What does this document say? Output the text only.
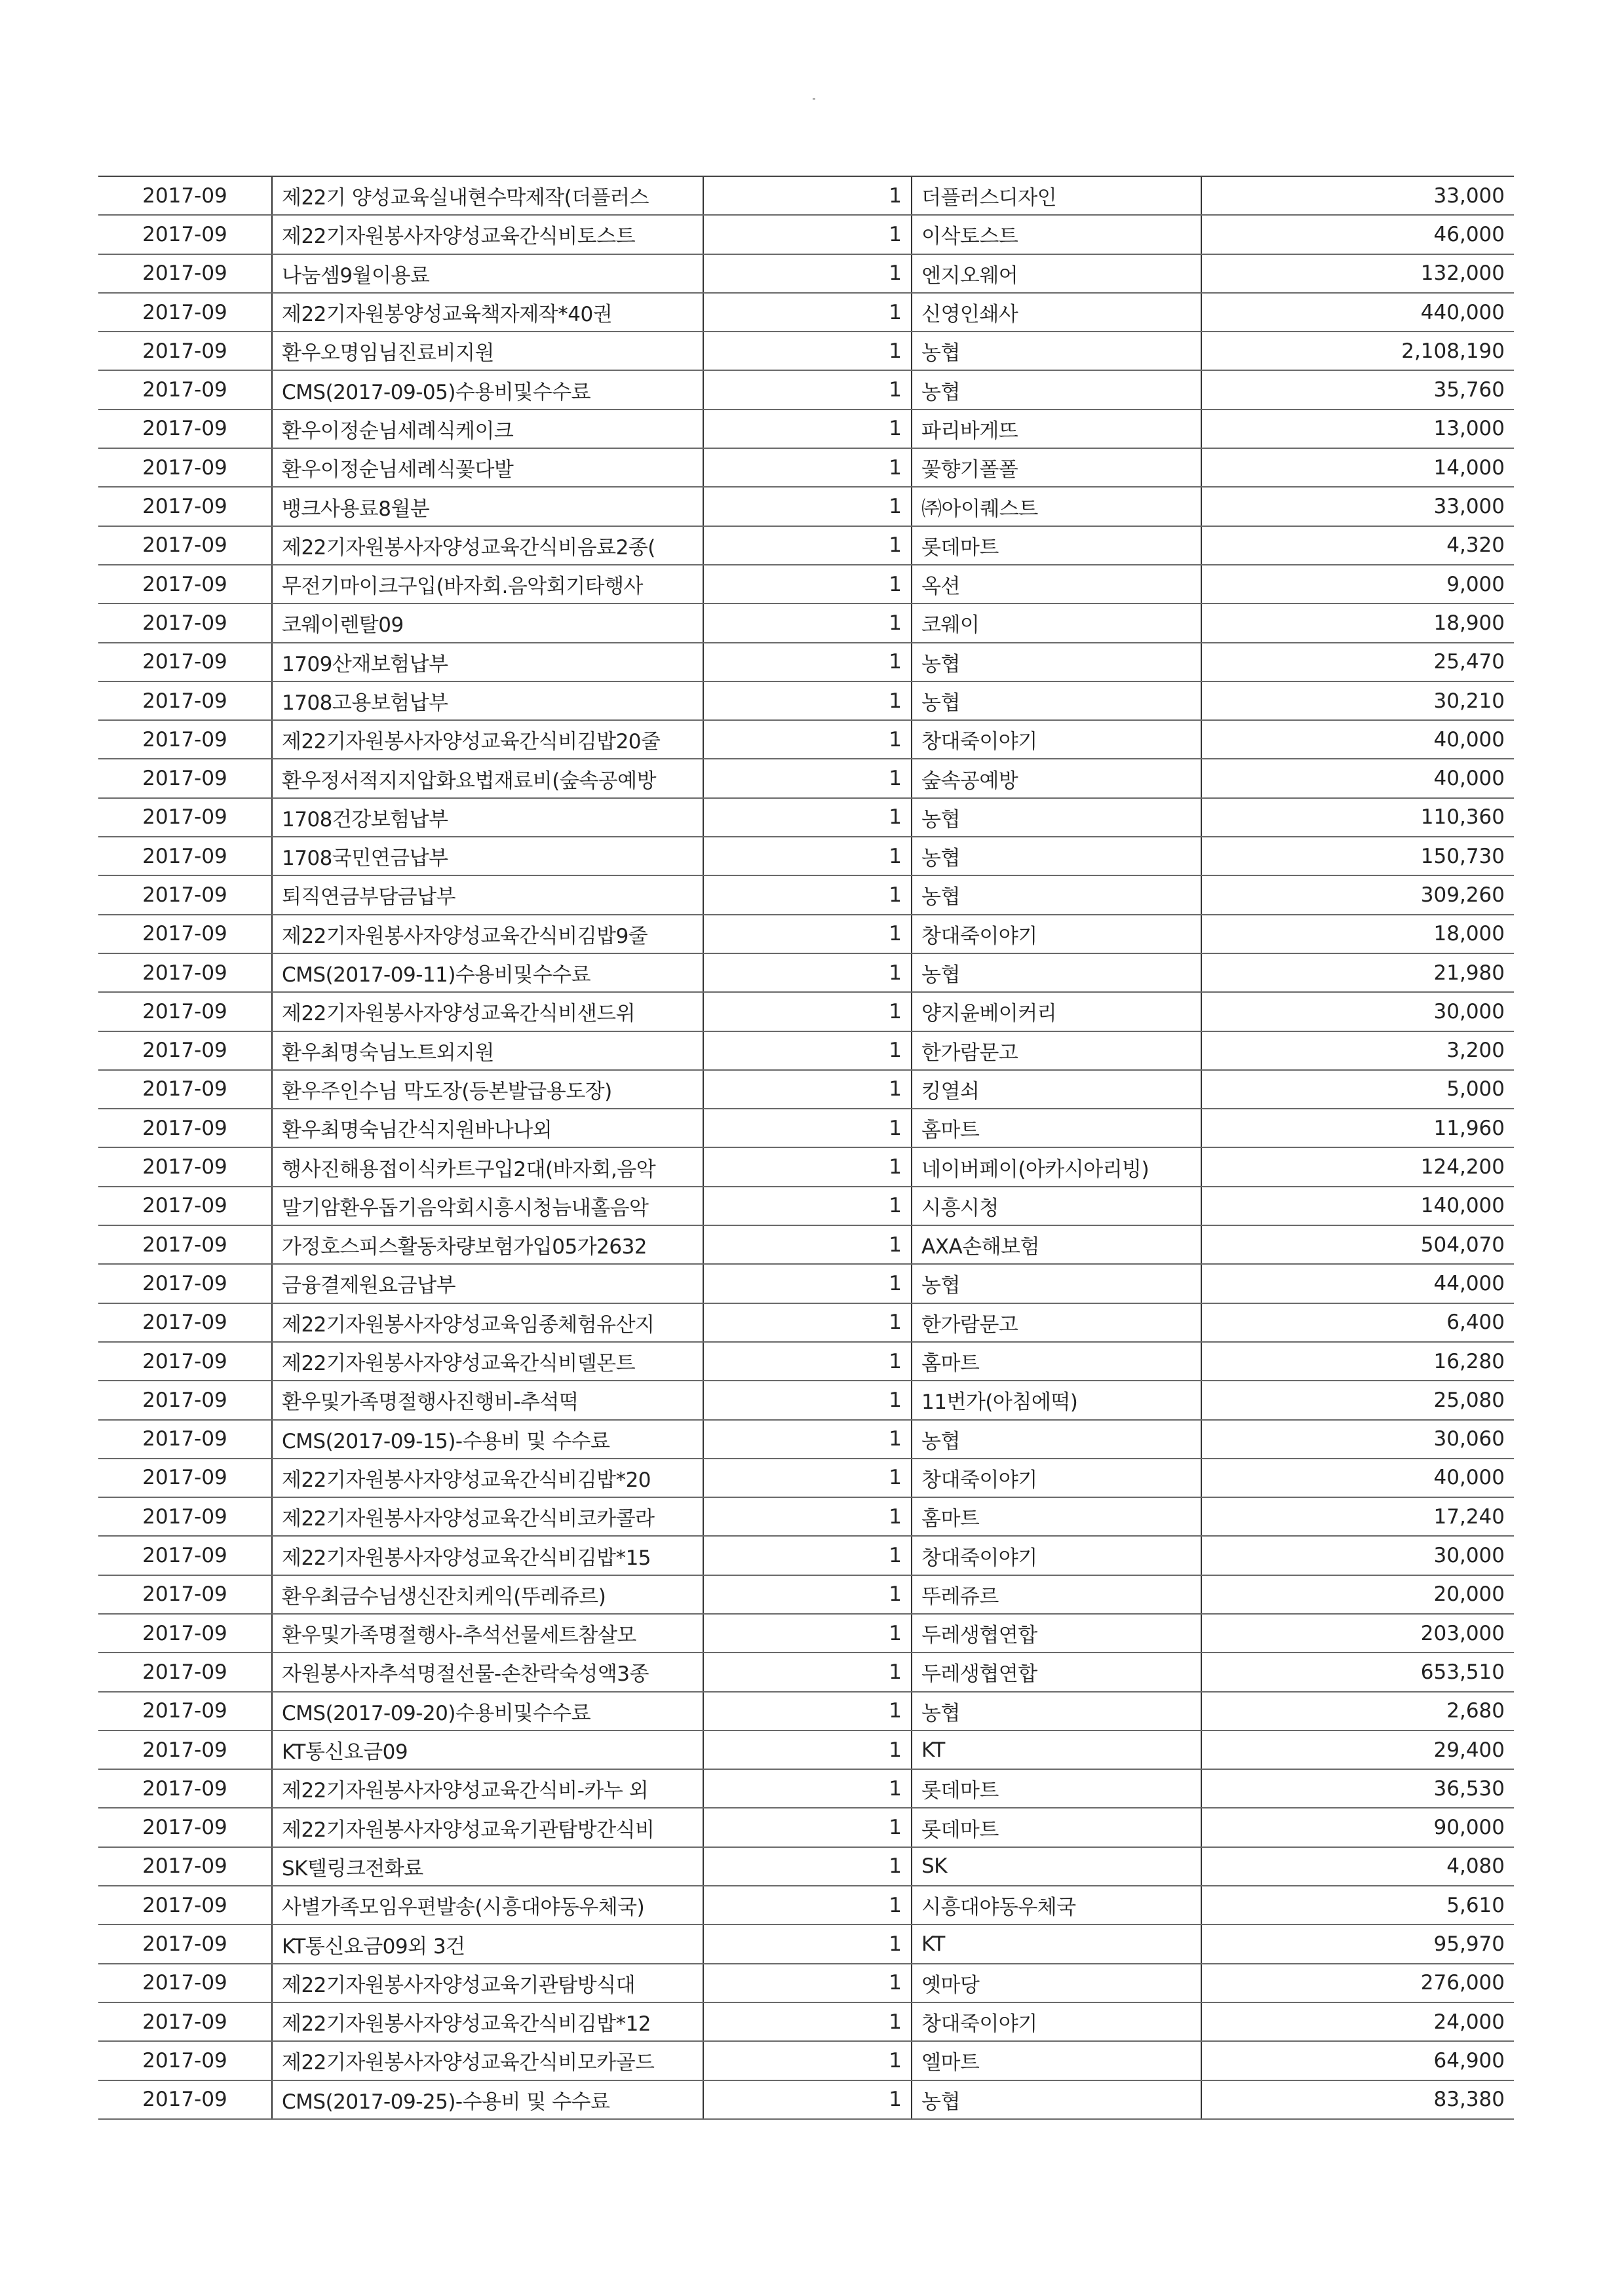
2017-09	제22기 양성교육실내현수막제작(더플러스	1	더플러스디자인	33,000
2017-09	제22기자원봉사자양성교육간식비토스트	1	이삭토스트	46,000
2017-09	나눔셈9월이용료	1	엔지오웨어	132,000
2017-09	제22기자원봉양성교육책자제작*40권	1	신영인쇄사	440,000
2017-09	환우오명임님진료비지원	1	농협	2,108,190
2017-09	CMS(2017-09-05)수용비및수수료	1	농협	35,760
2017-09	환우이정순님세례식케이크	1	파리바게뜨	13,000
2017-09	환우이정순님세례식꽃다발	1	꽃향기폴폴	14,000
2017-09	뱅크사용료8월분	1	㈜아이퀘스트	33,000
2017-09	제22기자원봉사자양성교육간식비음료2종(	1	롯데마트	4,320
2017-09	무전기마이크구입(바자회.음악회기타행사	1	옥션	9,000
2017-09	코웨이렌탈09	1	코웨이	18,900
2017-09	1709산재보험납부	1	농협	25,470
2017-09	1708고용보험납부	1	농협	30,210
2017-09	제22기자원봉사자양성교육간식비김밥20줄	1	창대죽이야기	40,000
2017-09	환우정서적지지압화요법재료비(숲속공예방	1	숲속공예방	40,000
2017-09	1708건강보험납부	1	농협	110,360
2017-09	1708국민연금납부	1	농협	150,730
2017-09	퇴직연금부담금납부	1	농협	309,260
2017-09	제22기자원봉사자양성교육간식비김밥9줄	1	창대죽이야기	18,000
2017-09	CMS(2017-09-11)수용비및수수료	1	농협	21,980
2017-09	제22기자원봉사자양성교육간식비샌드위	1	양지윤베이커리	30,000
2017-09	환우최명숙님노트외지원	1	한가람문고	3,200
2017-09	환우주인수님 막도장(등본발급용도장)	1	킹열쇠	5,000
2017-09	환우최명숙님간식지원바나나외	1	홈마트	11,960
2017-09	행사진해용접이식카트구입2대(바자회,음악	1	네이버페이(아카시아리빙)	124,200
2017-09	말기암환우돕기음악회시흥시청늠내홀음악	1	시흥시청	140,000
2017-09	가정호스피스활동차량보험가입05가2632	1	AXA손해보험	504,070
2017-09	금융결제원요금납부	1	농협	44,000
2017-09	제22기자원봉사자양성교육임종체험유산지	1	한가람문고	6,400
2017-09	제22기자원봉사자양성교육간식비델몬트	1	홈마트	16,280
2017-09	환우및가족명절행사진행비-추석떡	1	11번가(아침에떡)	25,080
2017-09	CMS(2017-09-15)-수용비 및 수수료	1	농협	30,060
2017-09	제22기자원봉사자양성교육간식비김밥*20	1	창대죽이야기	40,000
2017-09	제22기자원봉사자양성교육간식비코카콜라	1	홈마트	17,240
2017-09	제22기자원봉사자양성교육간식비김밥*15	1	창대죽이야기	30,000
2017-09	환우최금수님생신잔치케익(뚜레쥬르)	1	뚜레쥬르	20,000
2017-09	환우및가족명절행사-추석선물세트참살모	1	두레생협연합	203,000
2017-09	자원봉사자추석명절선물-손찬락숙성액3종	1	두레생협연합	653,510
2017-09	CMS(2017-09-20)수용비및수수료	1	농협	2,680
2017-09	KT통신요금09	1	KT	29,400
2017-09	제22기자원봉사자양성교육간식비-카누 외	1	롯데마트	36,530
2017-09	제22기자원봉사자양성교육기관탐방간식비	1	롯데마트	90,000
2017-09	SK텔링크전화료	1	SK	4,080
2017-09	사별가족모임우편발송(시흥대야동우체국)	1	시흥대야동우체국	5,610
2017-09	KT통신요금09외 3건	1	KT	95,970
2017-09	제22기자원봉사자양성교육기관탐방식대	1	옛마당	276,000
2017-09	제22기자원봉사자양성교육간식비김밥*12	1	창대죽이야기	24,000
2017-09	제22기자원봉사자양성교육간식비모카골드	1	엘마트	64,900
2017-09	CMS(2017-09-25)-수용비 및 수수료	1	농협	83,380
